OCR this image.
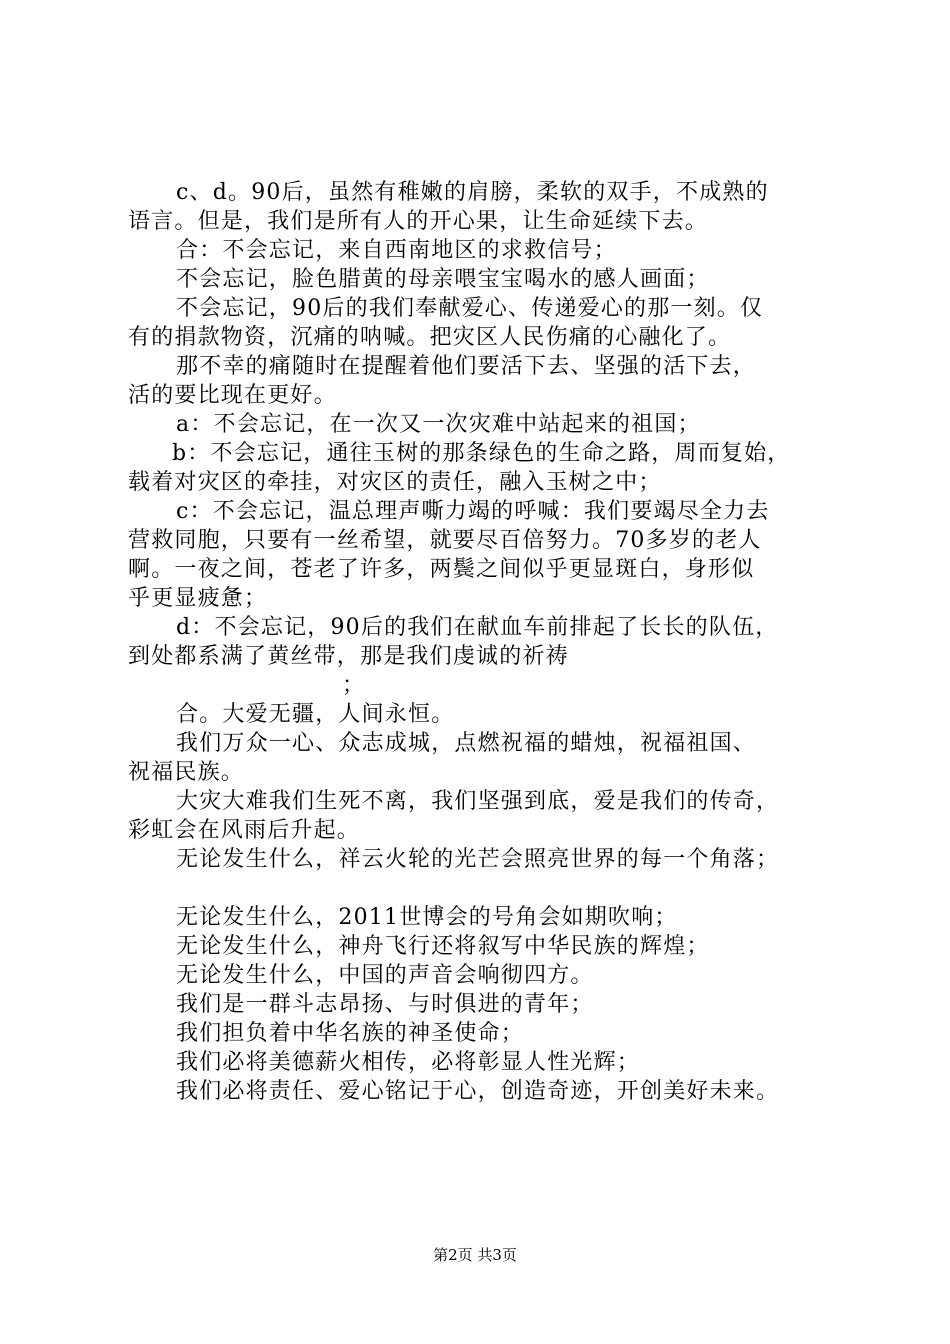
c、d。90后，虽然有稚嫩的肩膀，柔软的双手，不成熟的
语言。但是，我们是所有人的开心果，让生命延续下去。
合：不会忘记，来自西南地区的求救信号；
不会忘记，脸色腊黄的母亲喂宝宝喝水的感人画面；
不会忘记，90后的我们奉献爱心、传递爱心的那一刻。仅
有的捐款物资，沉痛的呐喊。把灾区人民伤痛的心融化了。
那不幸的痛随时在提醒着他们要活下去、坚强的活下去，
活的要比现在更好。
a：不会忘记，在一次又一次灾难中站起来的祖国；
b：不会忘记，通往玉树的那条绿色的生命之路，周而复始，
载着对灾区的牵挂，对灾区的责任，融入玉树之中；
c：不会忘记，温总理声嘶力竭的呼喊：我们要竭尽全力去
营救同胞，只要有一丝希望，就要尽百倍努力。70多岁的老人
啊。一夜之间，苍老了许多，两鬓之间似乎更显斑白，身形似
乎更显疲惫；
d：不会忘记，90后的我们在献血车前排起了长长的队伍，
到处都系满了黄丝带，那是我们虔诚的祈祷
；
合。大爱无疆，人间永恒。
我们万众一心、众志成城，点燃祝福的蜡烛，祝福祖国、
祝福民族。
大灾大难我们生死不离，我们坚强到底，爱是我们的传奇，
彩虹会在风雨后升起。
无论发生什么，祥云火轮的光芒会照亮世界的每一个角落；
无论发生什么，2011世博会的号角会如期吹响；
无论发生什么，神舟飞行还将叙写中华民族的辉煌；
无论发生什么，中国的声音会响彻四方。
我们是一群斗志昂扬、与时俱进的青年；
我们担负着中华名族的神圣使命；
我们必将美德薪火相传，必将彰显人性光辉；
我们必将责任、爱心铭记于心，创造奇迹，开创美好未来。
第2页 共3页
